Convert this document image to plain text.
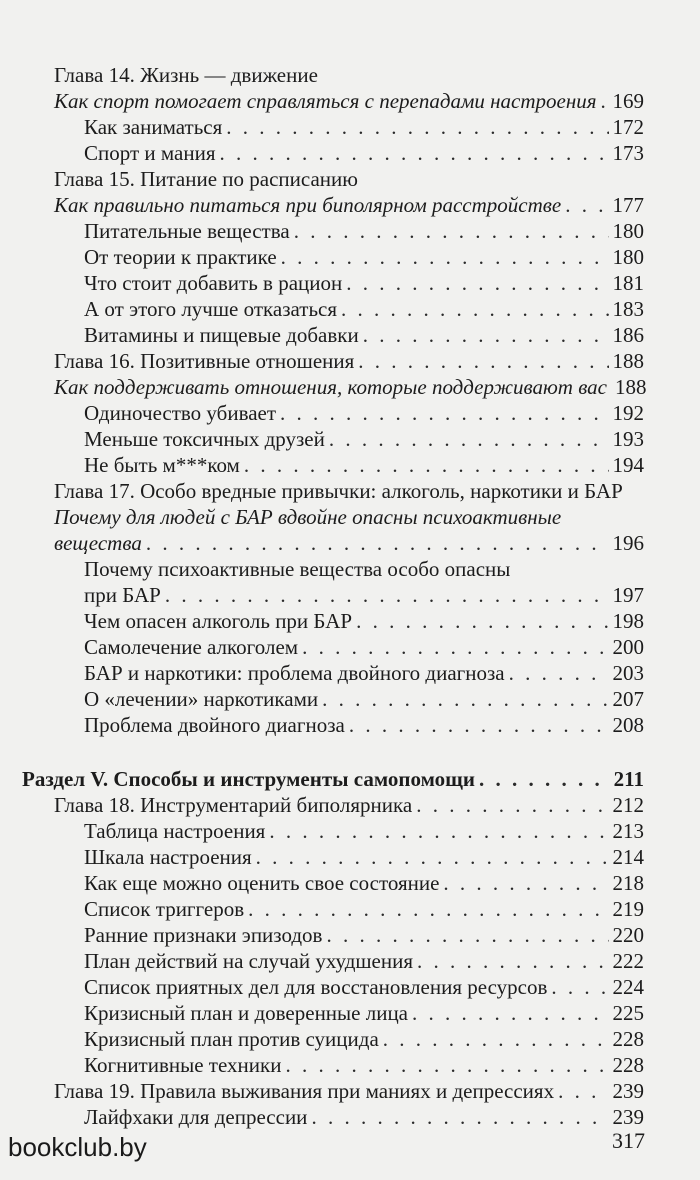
Глава 14. Жизнь — движение
Как спорт помогает справляться с перепадами настроения . . . 169
Как заниматься . . .	172
Спорт и мания . . .	173
Глава 15. Питание по расписанию
Как правильно питаться при биполярном расстройстве . . . 177
Питательные вещества . . .	180
От теории к практике . . .	180
Что стоит добавить в рацион . . .	181
А от этого лучше отказаться . . .	183
Витамины и пищевые добавки . . .	186
Глава 16. Позитивные отношения . . .	188
Как поддерживать отношения, которые поддерживают вас 188
Одиночество убивает . . .	192
Меньше токсичных друзей . . .	193
Не быть м***ком . . .	194
Глава 17. Особо вредные привычки: алкоголь, наркотики и БАР
Почему для людей с БАР вдвойне опасны психоактивные
вещества . . .	196
Почему психоактивные вещества особо опасны
при БАР . . .	197
Чем опасен алкоголь при БАР . . .	198
Самолечение алкоголем . . .	200
БАР и наркотики: проблема двойного диагноза . . .	203
О «лечении» наркотиками . . .	207
Проблема двойного диагноза . . .	208
Раздел V. Способы и инструменты самопомощи . . .	211
Глава 18. Инструментарий биполярника . . .	212
Таблица настроения . . .	213
Шкала настроения . . .	214
Как еще можно оценить свое состояние . . .	218
Список триггеров . . .	219
Ранние признаки эпизодов . . .	220
План действий на случай ухудшения . . .	222
Список приятных дел для восстановления ресурсов . . .	224
Кризисный план и доверенные лица . . .	225
Кризисный план против суицида . . .	228
Когнитивные техники . . .	228
Глава 19. Правила выживания при маниях и депрессиях . . .	239
Лайфхаки для депрессии . . .	239
317
bookclub.by
